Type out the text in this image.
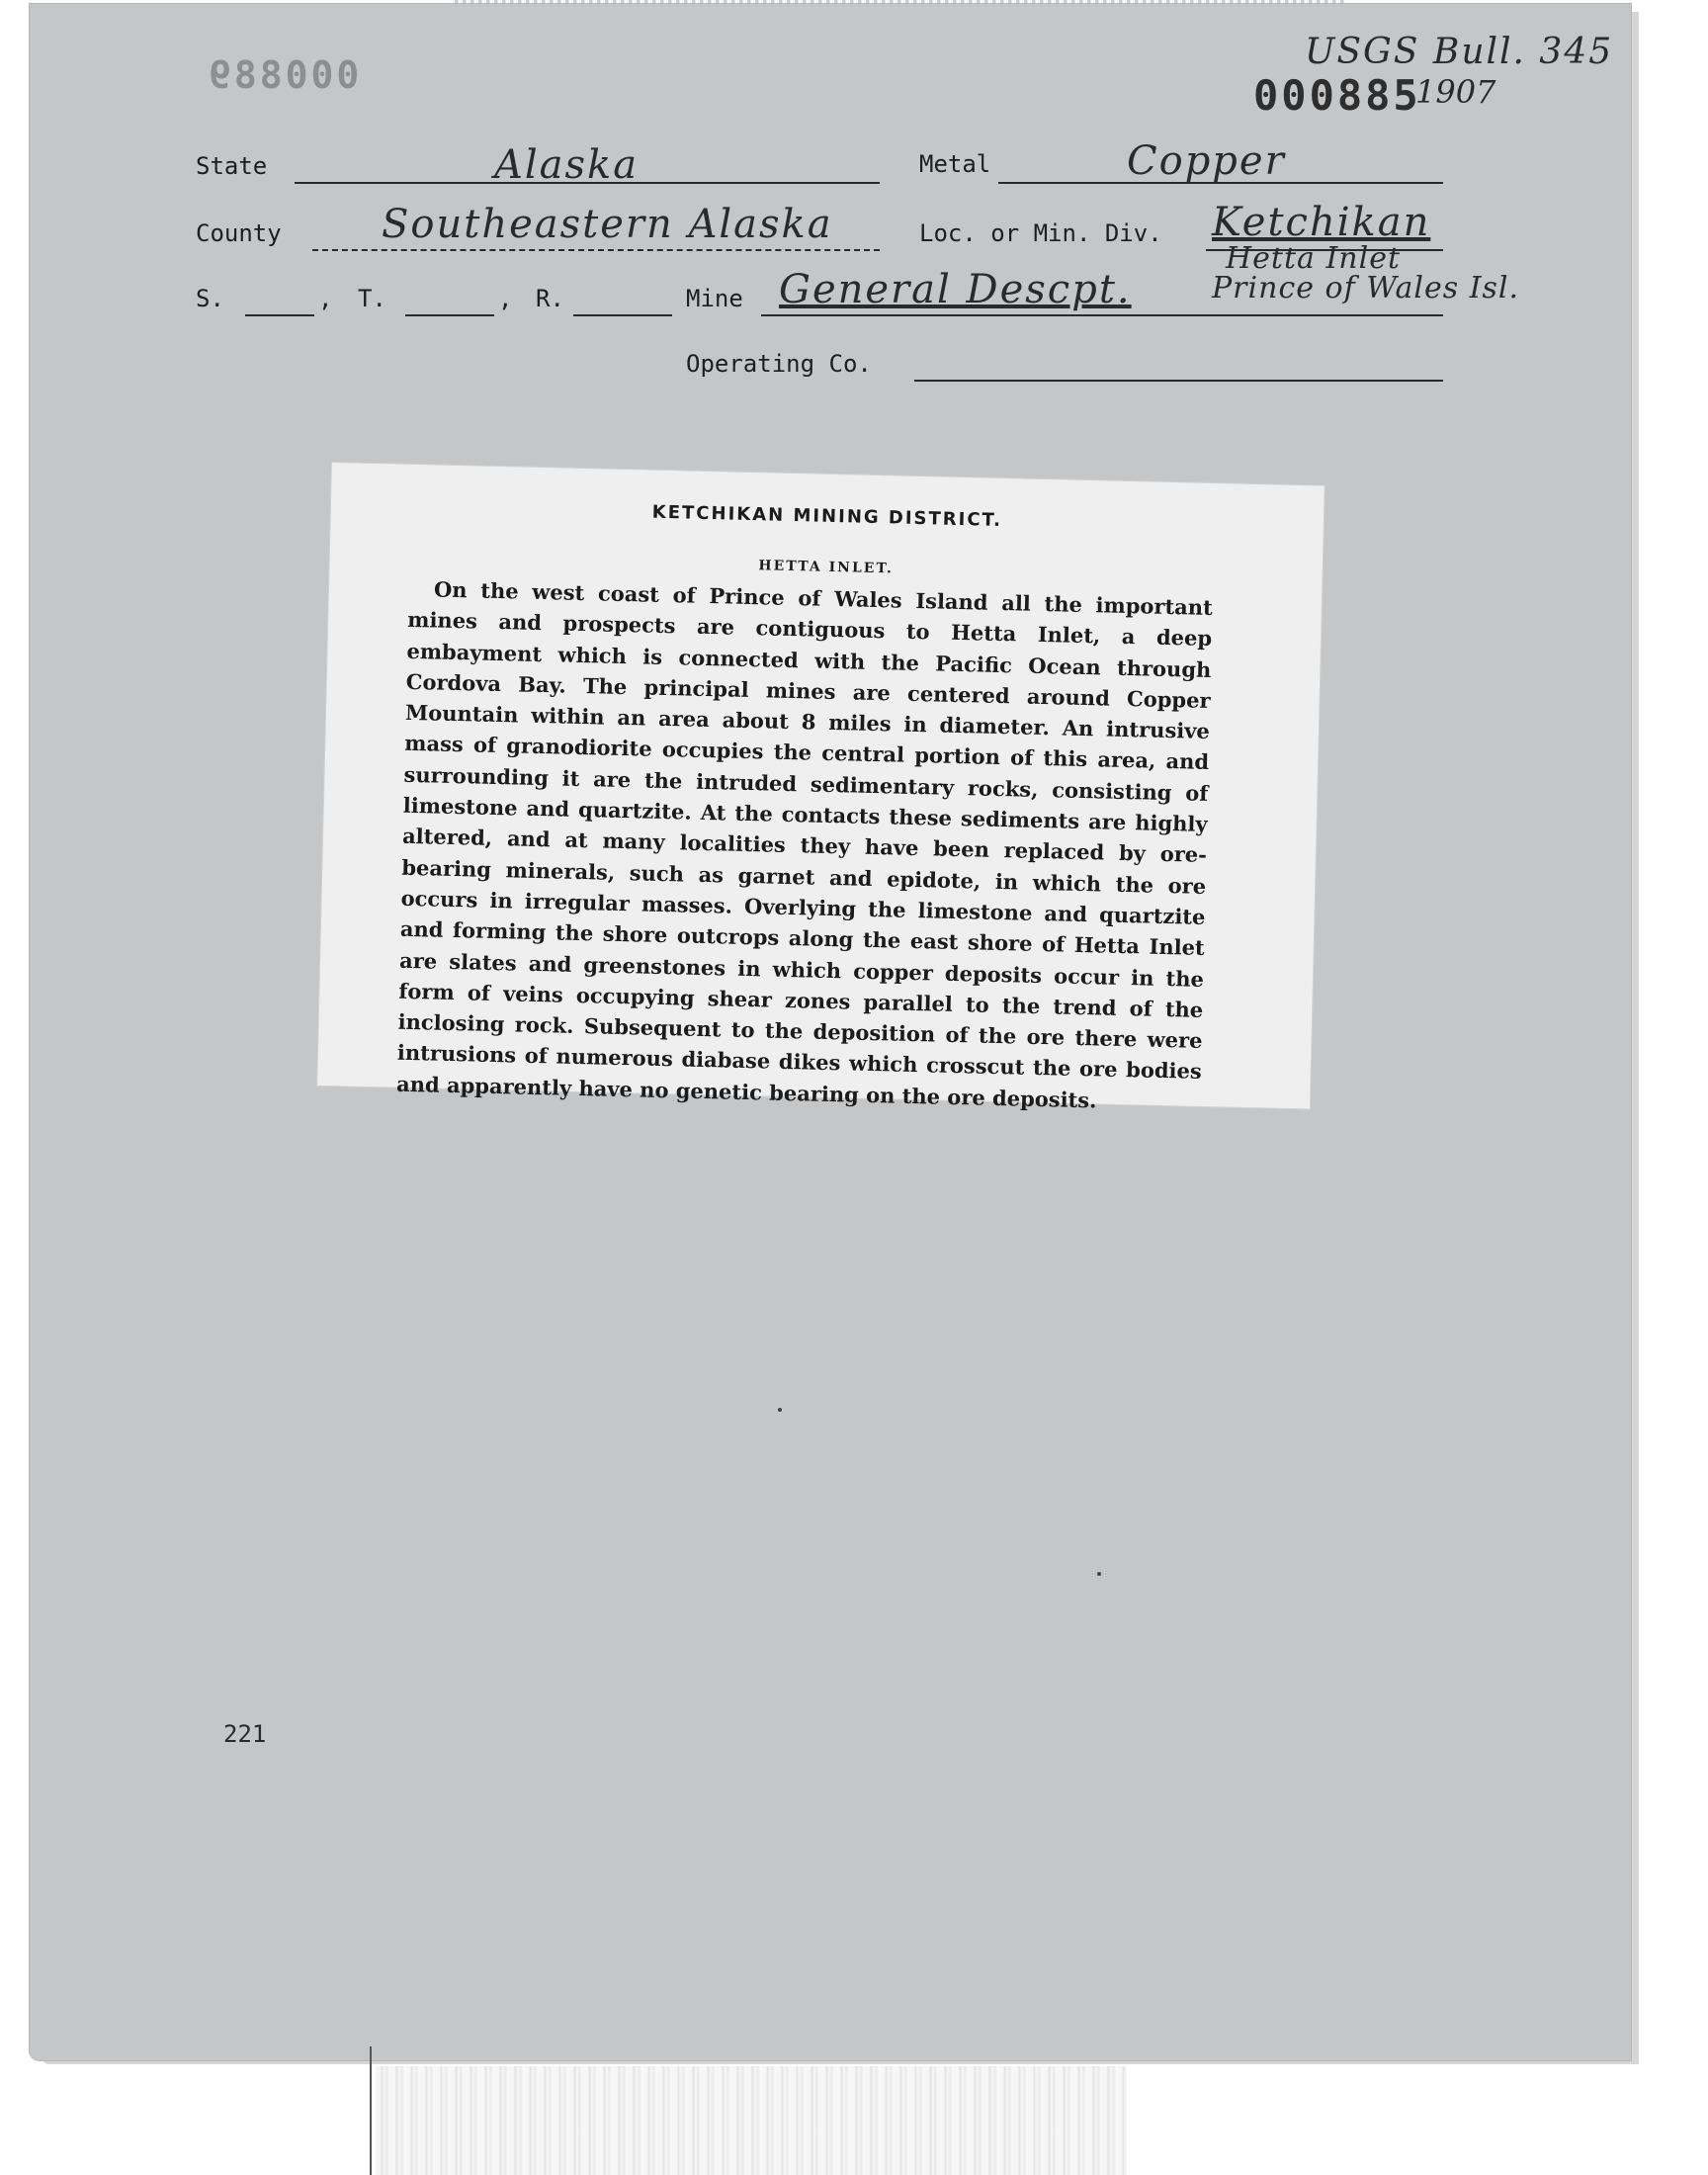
000889	000885
USGS Bull. 345
1907
State	Alaska	Metal	Copper
County	Southeastern Alaska	Loc. or Min. Div. Ketchikan
Hetta Inlet
Prince of Wales Isl.
S.	, T.	, R.	Mine General Descpt.
Operating Co.
221
KETCHIKAN MINING DISTRICT.
HETTA INLET.

On the west coast of Prince of Wales Island all the important mines and prospects are contiguous to Hetta Inlet, a deep embayment which is connected with the Pacific Ocean through Cordova Bay. The principal mines are centered around Copper Mountain within an area about 8 miles in diameter. An intrusive mass of granodiorite occupies the central portion of this area, and surrounding it are the intruded sedimentary rocks, consisting of limestone and quartzite. At the contacts these sediments are highly altered, and at many localities they have been replaced by ore-bearing minerals, such as garnet and epidote, in which the ore occurs in irregular masses. Overlying the limestone and quartzite and forming the shore outcrops along the east shore of Hetta Inlet are slates and greenstones in which copper deposits occur in the form of veins occupying shear zones parallel to the trend of the inclosing rock. Subsequent to the deposition of the ore there were intrusions of numerous diabase dikes which crosscut the ore bodies and apparently have no genetic bearing on the ore deposits.
